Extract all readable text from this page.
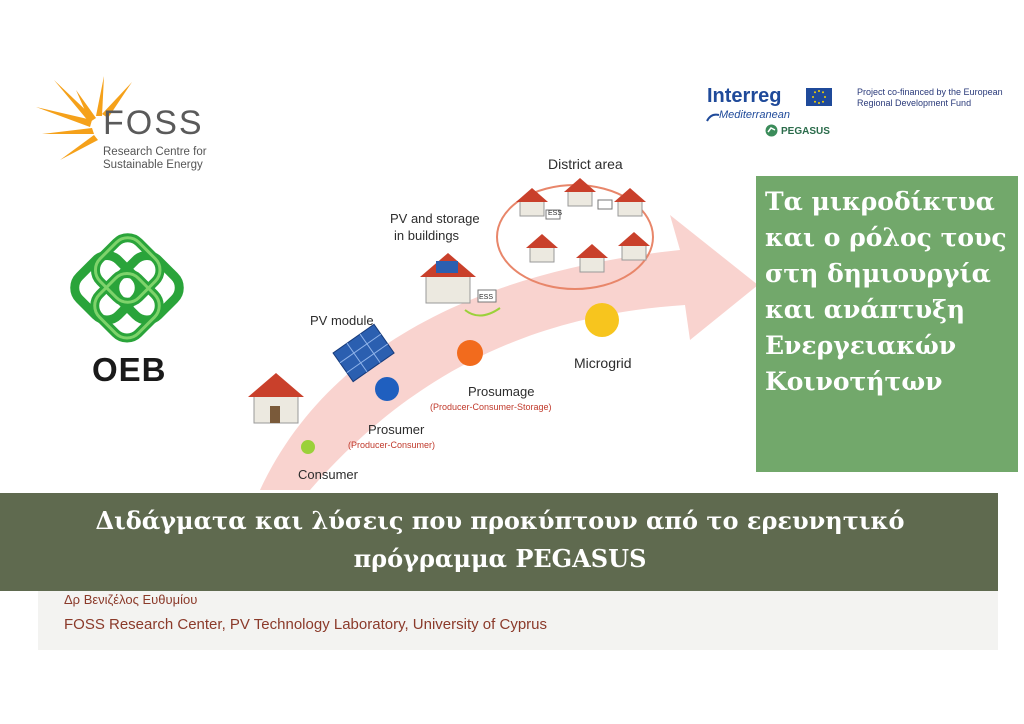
FOSS
Research Centre for
Sustainable Energy
OEB
Interreg
Mediterranean
PEGASUS
Project co-financed by the European
Regional Development Fund
District area
PV and storage
in buildings
PV module
Microgrid
Prosumage
(Producer-Consumer-Storage)
Prosumer
(Producer-Consumer)
Consumer
ESS
ESS	Τα μικροδίκτυα και ο ρόλος τους στη δημιουργία και ανάπτυξη Ενεργειακών Κοινοτήτων
Διδάγματα και λύσεις που προκύπτουν από το ερευνητικό
πρόγραμμα PEGASUS
Δρ Βενιζέλος Ευθυμίου
FOSS Research Center, PV Technology Laboratory, University of Cyprus
